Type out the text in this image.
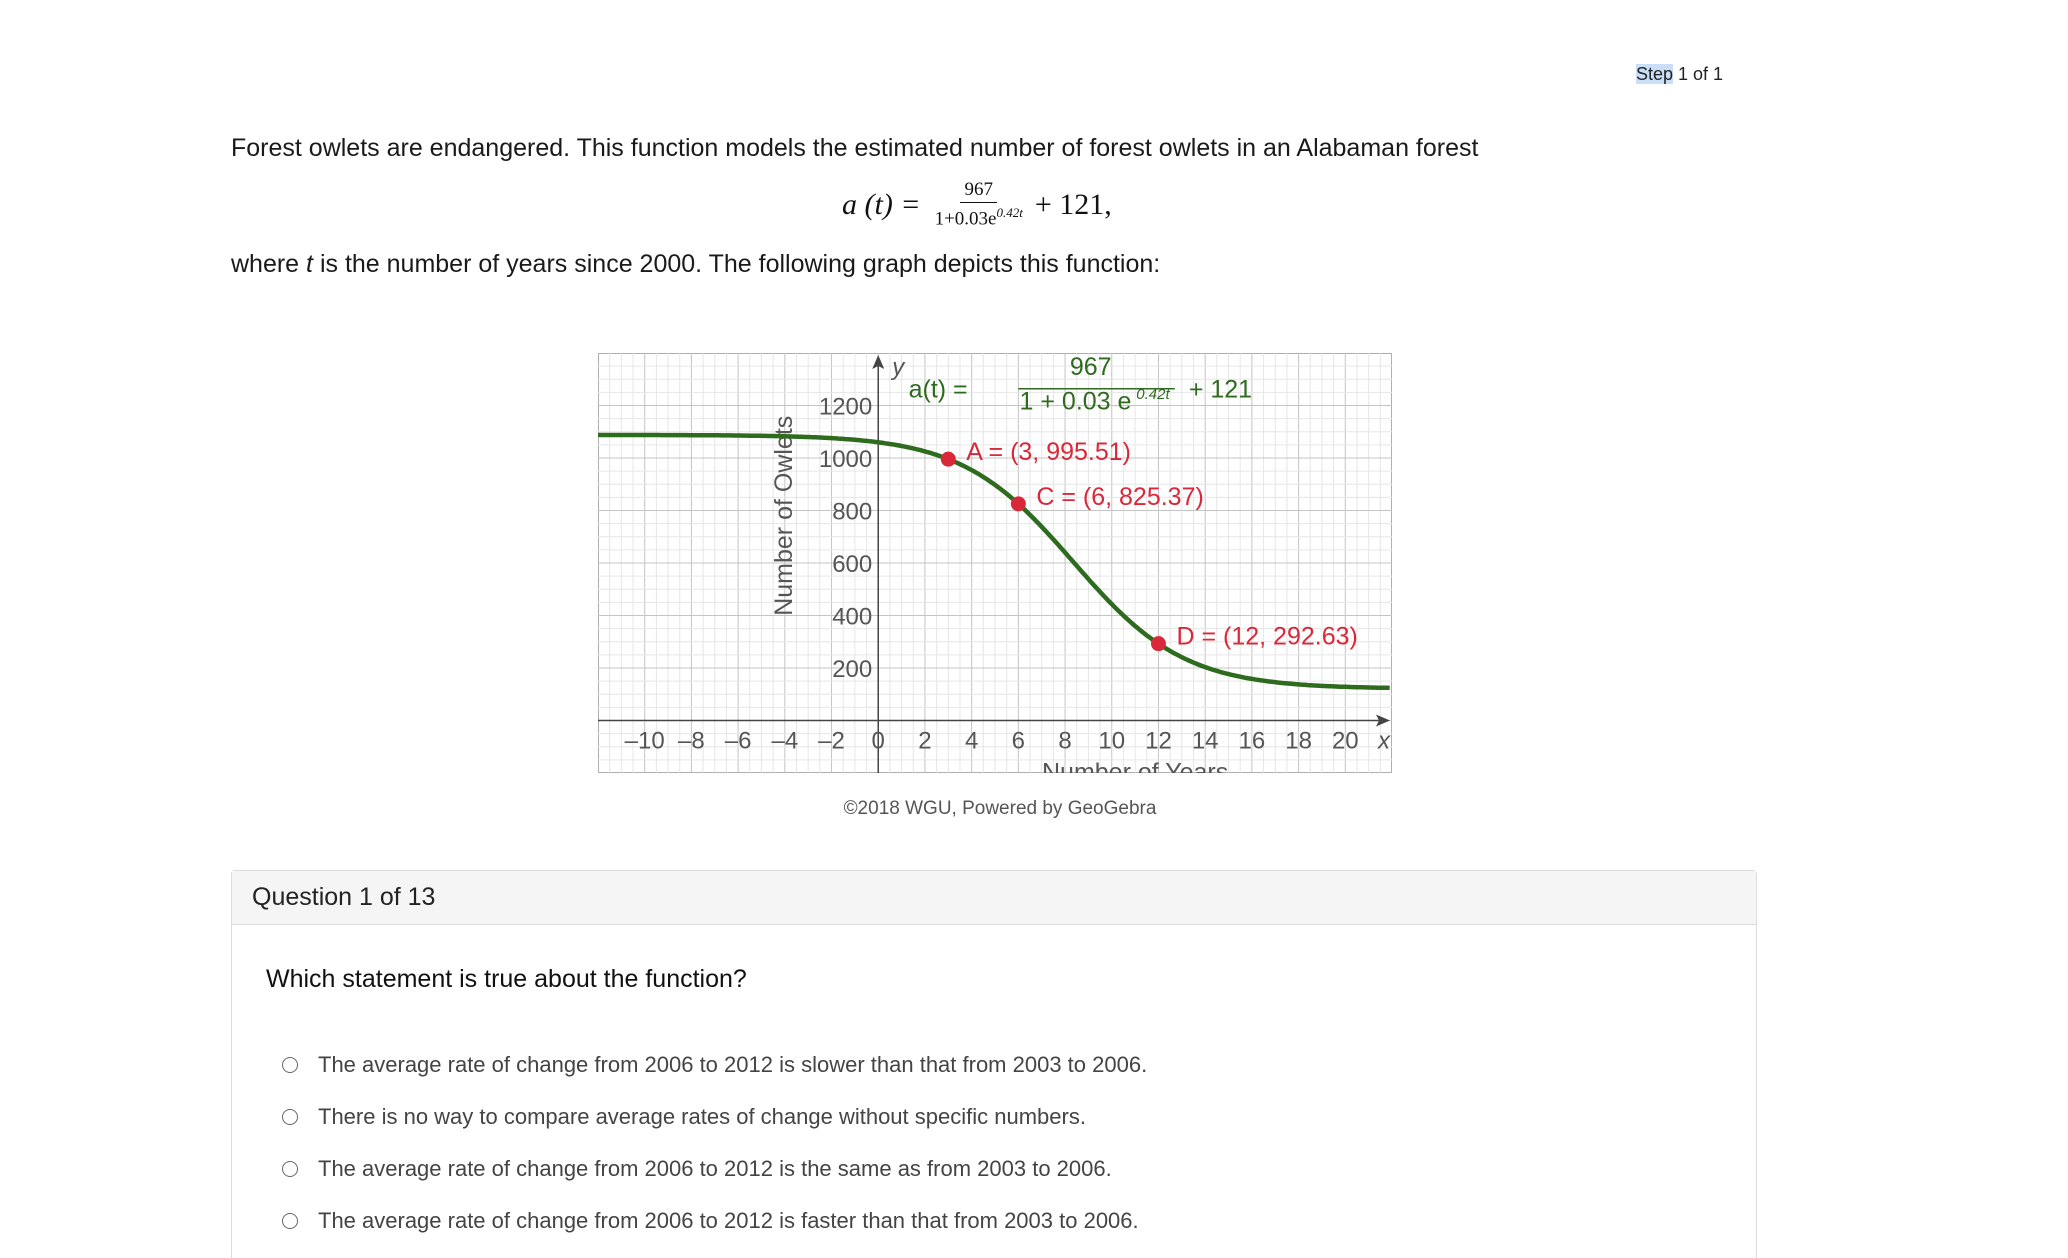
Step 1 of 1
Forest owlets are endangered. This function models the estimated number of forest owlets in an Alabaman forest
a $(t) = \frac{967}{1+0.03e^{0.42t}} + 121$,
where t is the number of years since 2000. The following graph depicts this function:
–10 –8 –6 –4 –2 0 2 4 6 8 10 12 14 16 18 20
200
400
600
800
1000
1200
x
y
Number of Years
Number of Owlets
a(t) =
967
1 + 0.03 e 0.42t + 121
A = (3, 995.51)
C = (6, 825.37)
D = (12, 292.63)
©2018 WGU, Powered by GeoGebra
Question 1 of 13
Which statement is true about the function?
The average rate of change from 2006 to 2012 is slower than that from 2003 to 2006.
There is no way to compare average rates of change without specific numbers.
The average rate of change from 2006 to 2012 is the same as from 2003 to 2006.
The average rate of change from 2006 to 2012 is faster than that from 2003 to 2006.
